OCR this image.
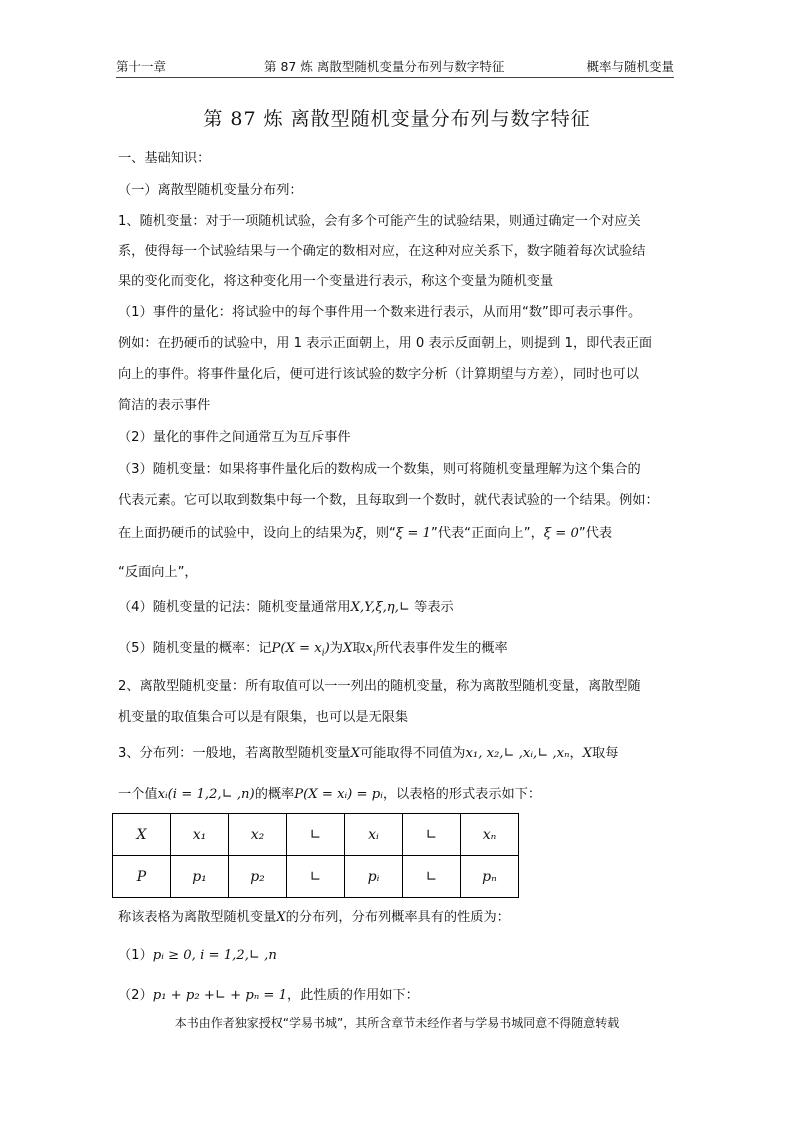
第十一章	第 87 炼 离散型随机变量分布列与数字特征	概率与随机变量
第 87 炼 离散型随机变量分布列与数字特征
一、基础知识：
（一）离散型随机变量分布列：
1、随机变量：对于一项随机试验，会有多个可能产生的试验结果，则通过确定一个对应关
系，使得每一个试验结果与一个确定的数相对应，在这种对应关系下，数字随着每次试验结
果的变化而变化，将这种变化用一个变量进行表示，称这个变量为随机变量
（1）事件的量化：将试验中的每个事件用一个数来进行表示，从而用“数”即可表示事件。
例如：在扔硬币的试验中，用 1 表示正面朝上，用 0 表示反面朝上，则提到 1，即代表正面
向上的事件。将事件量化后，便可进行该试验的数字分析（计算期望与方差），同时也可以
简洁的表示事件
（2）量化的事件之间通常互为互斥事件
（3）随机变量：如果将事件量化后的数构成一个数集，则可将随机变量理解为这个集合的
代表元素。它可以取到数集中每一个数，且每取到一个数时，就代表试验的一个结果。例如：
在上面扔硬币的试验中，设向上的结果为ξ，则“ξ = 1”代表“正面向上”，ξ = 0”代表
“反面向上”，
（4）随机变量的记法：随机变量通常用X,Y,ξ,η,∟ 等表示
（5）随机变量的概率：记$P(X = x_i)$为X取$x_i$所代表事件发生的概率
2、离散型随机变量：所有取值可以一一列出的随机变量，称为离散型随机变量，离散型随
机变量的取值集合可以是有限集，也可以是无限集
3、分布列：一般地，若离散型随机变量X可能取得不同值为x₁, x₂,∟ ,xᵢ,∟ ,xₙ，X取每
一个值xᵢ(i = 1,2,∟ ,n)的概率P(X = xᵢ) = pᵢ，以表格的形式表示如下：
X	x₁	x₂	∟	xᵢ	∟	xₙ
P	p₁	p₂	∟	pᵢ	∟	pₙ
称该表格为离散型随机变量X的分布列，分布列概率具有的性质为：
（1）pᵢ ≥ 0, i = 1,2,∟ ,n
（2）p₁ + p₂ +∟ + pₙ = 1，此性质的作用如下：
本书由作者独家授权“学易书城”，其所含章节未经作者与学易书城同意不得随意转载
